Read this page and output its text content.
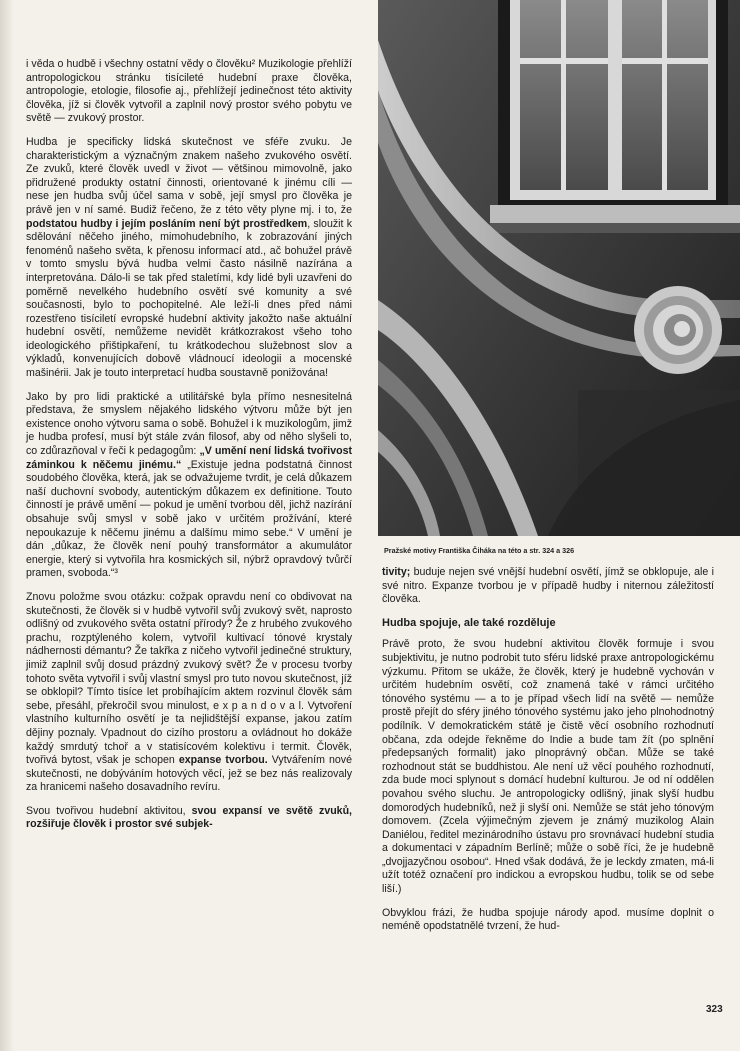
i věda o hudbě i všechny ostatní vědy o člověku² Muzikologie přehlíží antropologickou stránku tisícileté hudební praxe člověka, antropologie, etologie, filosofie aj., přehlížejí jedinečnost této aktivity člověka, jíž si člověk vytvořil a zaplnil nový prostor svého pobytu ve světě — zvukový prostor.

Hudba je specificky lidská skutečnost ve sféře zvuku. Je charakteristickým a význačným znakem našeho zvukového osvětí. Ze zvuků, které člověk uvedl v život — většinou mimovolně, jako přidružené produkty ostatní činnosti, orientované k jinému cíli — nese jen hudba svůj účel sama v sobě, její smysl pro člověka je právě jen v ní samé. Budiž řečeno, že z této věty plyne mj. i to, že podstatou hudby i jejím posláním není být prostředkem, sloužit k sdělování něčeho jiného, mimohudebního, k zobrazování jiných fenoménů našeho světa, k přenosu informací atd., ač bohužel právě v tomto smyslu bývá hudba velmi často násilně nazírána a interpretována. Dálo-li se tak před staletími, kdy lidé byli uzavřeni do poměrně nevelkého hudebního osvětí své komunity a své současnosti, bylo to pochopitelné. Ale leží-li dnes před námi rozestřeno tisíciletí evropské hudební aktivity jakožto naše aktuální hudební osvětí, nemůžeme nevidět krátkozrakost všeho toho ideologického přištipkaření, tu krátkodechou služebnost slov a výkladů, konvenujících dobově vládnoucí ideologii a mocenské mašinérii. Jak je touto interpretací hudba soustavně ponižována!

Jako by pro lidi praktické a utilitářské byla přímo nesnesitelná představa, že smyslem nějakého lidského výtvoru může být jen existence onoho výtvoru sama o sobě. Bohužel i k muzikologům, jimž je hudba profesí, musí být stále zván filosof, aby od něho slyšeli to, co zdůrazňoval v řeči k pedagogům: „V umění není lidská tvořivost záminkou k něčemu jinému.“ „Existuje jedna podstatná činnost soudobého člověka, která, jak se odvažujeme tvrdit, je celá důkazem naší duchovní svobody, autentickým důkazem ex definitione. Touto činností je právě umění — pokud je umění tvorbou děl, jichž nazírání obsahuje svůj smysl v sobě jako v určitém prožívání, které nepoukazuje k něčemu jinému a dalšímu mimo sebe.“ V umění je dán „důkaz, že člověk není pouhý transformátor a akumulátor energie, který si vytvořila hra kosmických sil, nýbrž opravdový tvůrčí pramen, svoboda.“³

Znovu položme svou otázku: cožpak opravdu není co obdivovat na skutečnosti, že člověk si v hudbě vytvořil svůj zvukový svět, naprosto odlišný od zvukového světa ostatní přírody? Že z hrubého zvukového prachu, rozptýleného kolem, vytvořil kultivací tónové krystaly nádhernosti démantu? Že takřka z ničeho vytvořil jedinečné struktury, jimiž zaplnil svůj dosud prázdný zvukový svět? Že v procesu tvorby tohoto světa vytvořil i svůj vlastní smysl pro tuto novou skutečnost, jíž se obklopil? Tímto tisíce let probíhajícím aktem rozvinul člověk sám sebe, přesáhl, překročil svou minulost, e x p a n d o v a l. Vytvoření vlastního kulturního osvětí je ta nejlidštější expanse, jakou zatím dějiny poznaly. Vpadnout do cizího prostoru a ovládnout ho dokáže každý smrdutý tchoř a v statisícovém kolektivu i termit. Člověk, tvořivá bytost, však je schopen expanse tvorbou. Vytvářením nové skutečnosti, ne dobýváním hotových věcí, jež se bez nás realizovaly za hranicemi našeho dosavadního revíru.

Svou tvořivou hudební aktivitou, svou expansí ve světě zvuků, rozšiřuje člověk i prostor své subjek-

Pražské motivy Františka Čiháka na této a str. 324 a 326

tivity; buduje nejen své vnější hudební osvětí, jímž se obklopuje, ale i své nitro. Expanze tvorbou je v případě hudby i niternou záležitostí člověka.

Hudba spojuje, ale také rozděluje

Právě proto, že svou hudební aktivitou člověk formuje i svou subjektivitu, je nutno podrobit tuto sféru lidské praxe antropologickému výzkumu. Přitom se ukáže, že člověk, který je hudebně vychován v určitém hudebním osvětí, což znamená také v rámci určitého tónového systému — a to je případ všech lidí na světě — nemůže prostě přejít do sféry jiného tónového systému jako jeho plnohodnotný podílník. V demokratickém státě je čistě věcí osobního rozhodnutí občana, zda odejde řekněme do Indie a bude tam žít (po splnění předepsaných formalit) jako plnoprávný občan. Může se také rozhodnout stát se buddhistou. Ale není už věcí pouhého rozhodnutí, zda bude moci splynout s domácí hudební kulturou. Je od ní oddělen povahou svého sluchu. Je antropologicky odlišný, jinak slyší hudbu domorodých hudebníků, než ji slyší oni. Nemůže se stát jeho tónovým domovem. (Zcela výjimečným zjevem je známý muzikolog Alain Daniélou, ředitel mezinárodního ústavu pro srovnávací hudební studia a dokumentaci v západním Berlíně; může o sobě říci, že je hudebně „dvojjazyčnou osobou“. Hned však dodává, že je leckdy zmaten, má-li užít totéž označení pro indickou a evropskou hudbu, tolik se od sebe liší.)

Obvyklou frázi, že hudba spojuje národy apod. musíme doplnit o neméně opodstatnělé tvrzení, že hud-

323
